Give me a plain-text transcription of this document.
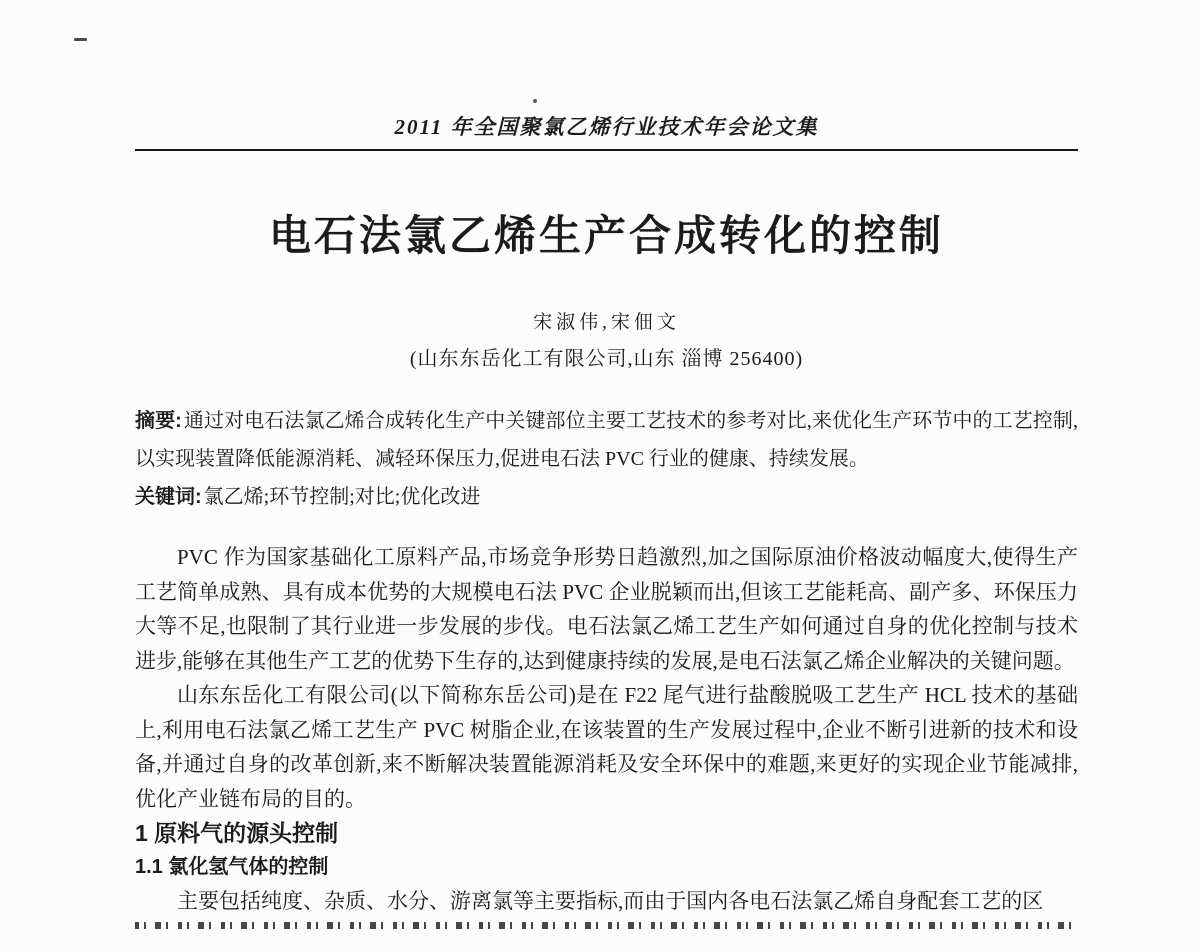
2011 年全国聚氯乙烯行业技术年会论文集
电石法氯乙烯生产合成转化的控制
宋淑伟,宋佃文
(山东东岳化工有限公司,山东 淄博 256400)

摘要: 通过对电石法氯乙烯合成转化生产中关键部位主要工艺技术的参考对比,来优化生产环节中的工艺控制,以实现装置降低能源消耗、减轻环保压力,促进电石法 PVC 行业的健康、持续发展。

关键词: 氯乙烯;环节控制;对比;优化改进

PVC 作为国家基础化工原料产品,市场竞争形势日趋激烈,加之国际原油价格波动幅度大,使得生产工艺简单成熟、具有成本优势的大规模电石法 PVC 企业脱颖而出,但该工艺能耗高、副产多、环保压力大等不足,也限制了其行业进一步发展的步伐。电石法氯乙烯工艺生产如何通过自身的优化控制与技术进步,能够在其他生产工艺的优势下生存的,达到健康持续的发展,是电石法氯乙烯企业解决的关键问题。

山东东岳化工有限公司(以下简称东岳公司)是在 F22 尾气进行盐酸脱吸工艺生产 HCL 技术的基础上,利用电石法氯乙烯工艺生产 PVC 树脂企业,在该装置的生产发展过程中,企业不断引进新的技术和设备,并通过自身的改革创新,来不断解决装置能源消耗及安全环保中的难题,来更好的实现企业节能减排,优化产业链布局的目的。

1 原料气的源头控制
1.1 氯化氢气体的控制

主要包括纯度、杂质、水分、游离氯等主要指标,而由于国内各电石法氯乙烯自身配套工艺的区
